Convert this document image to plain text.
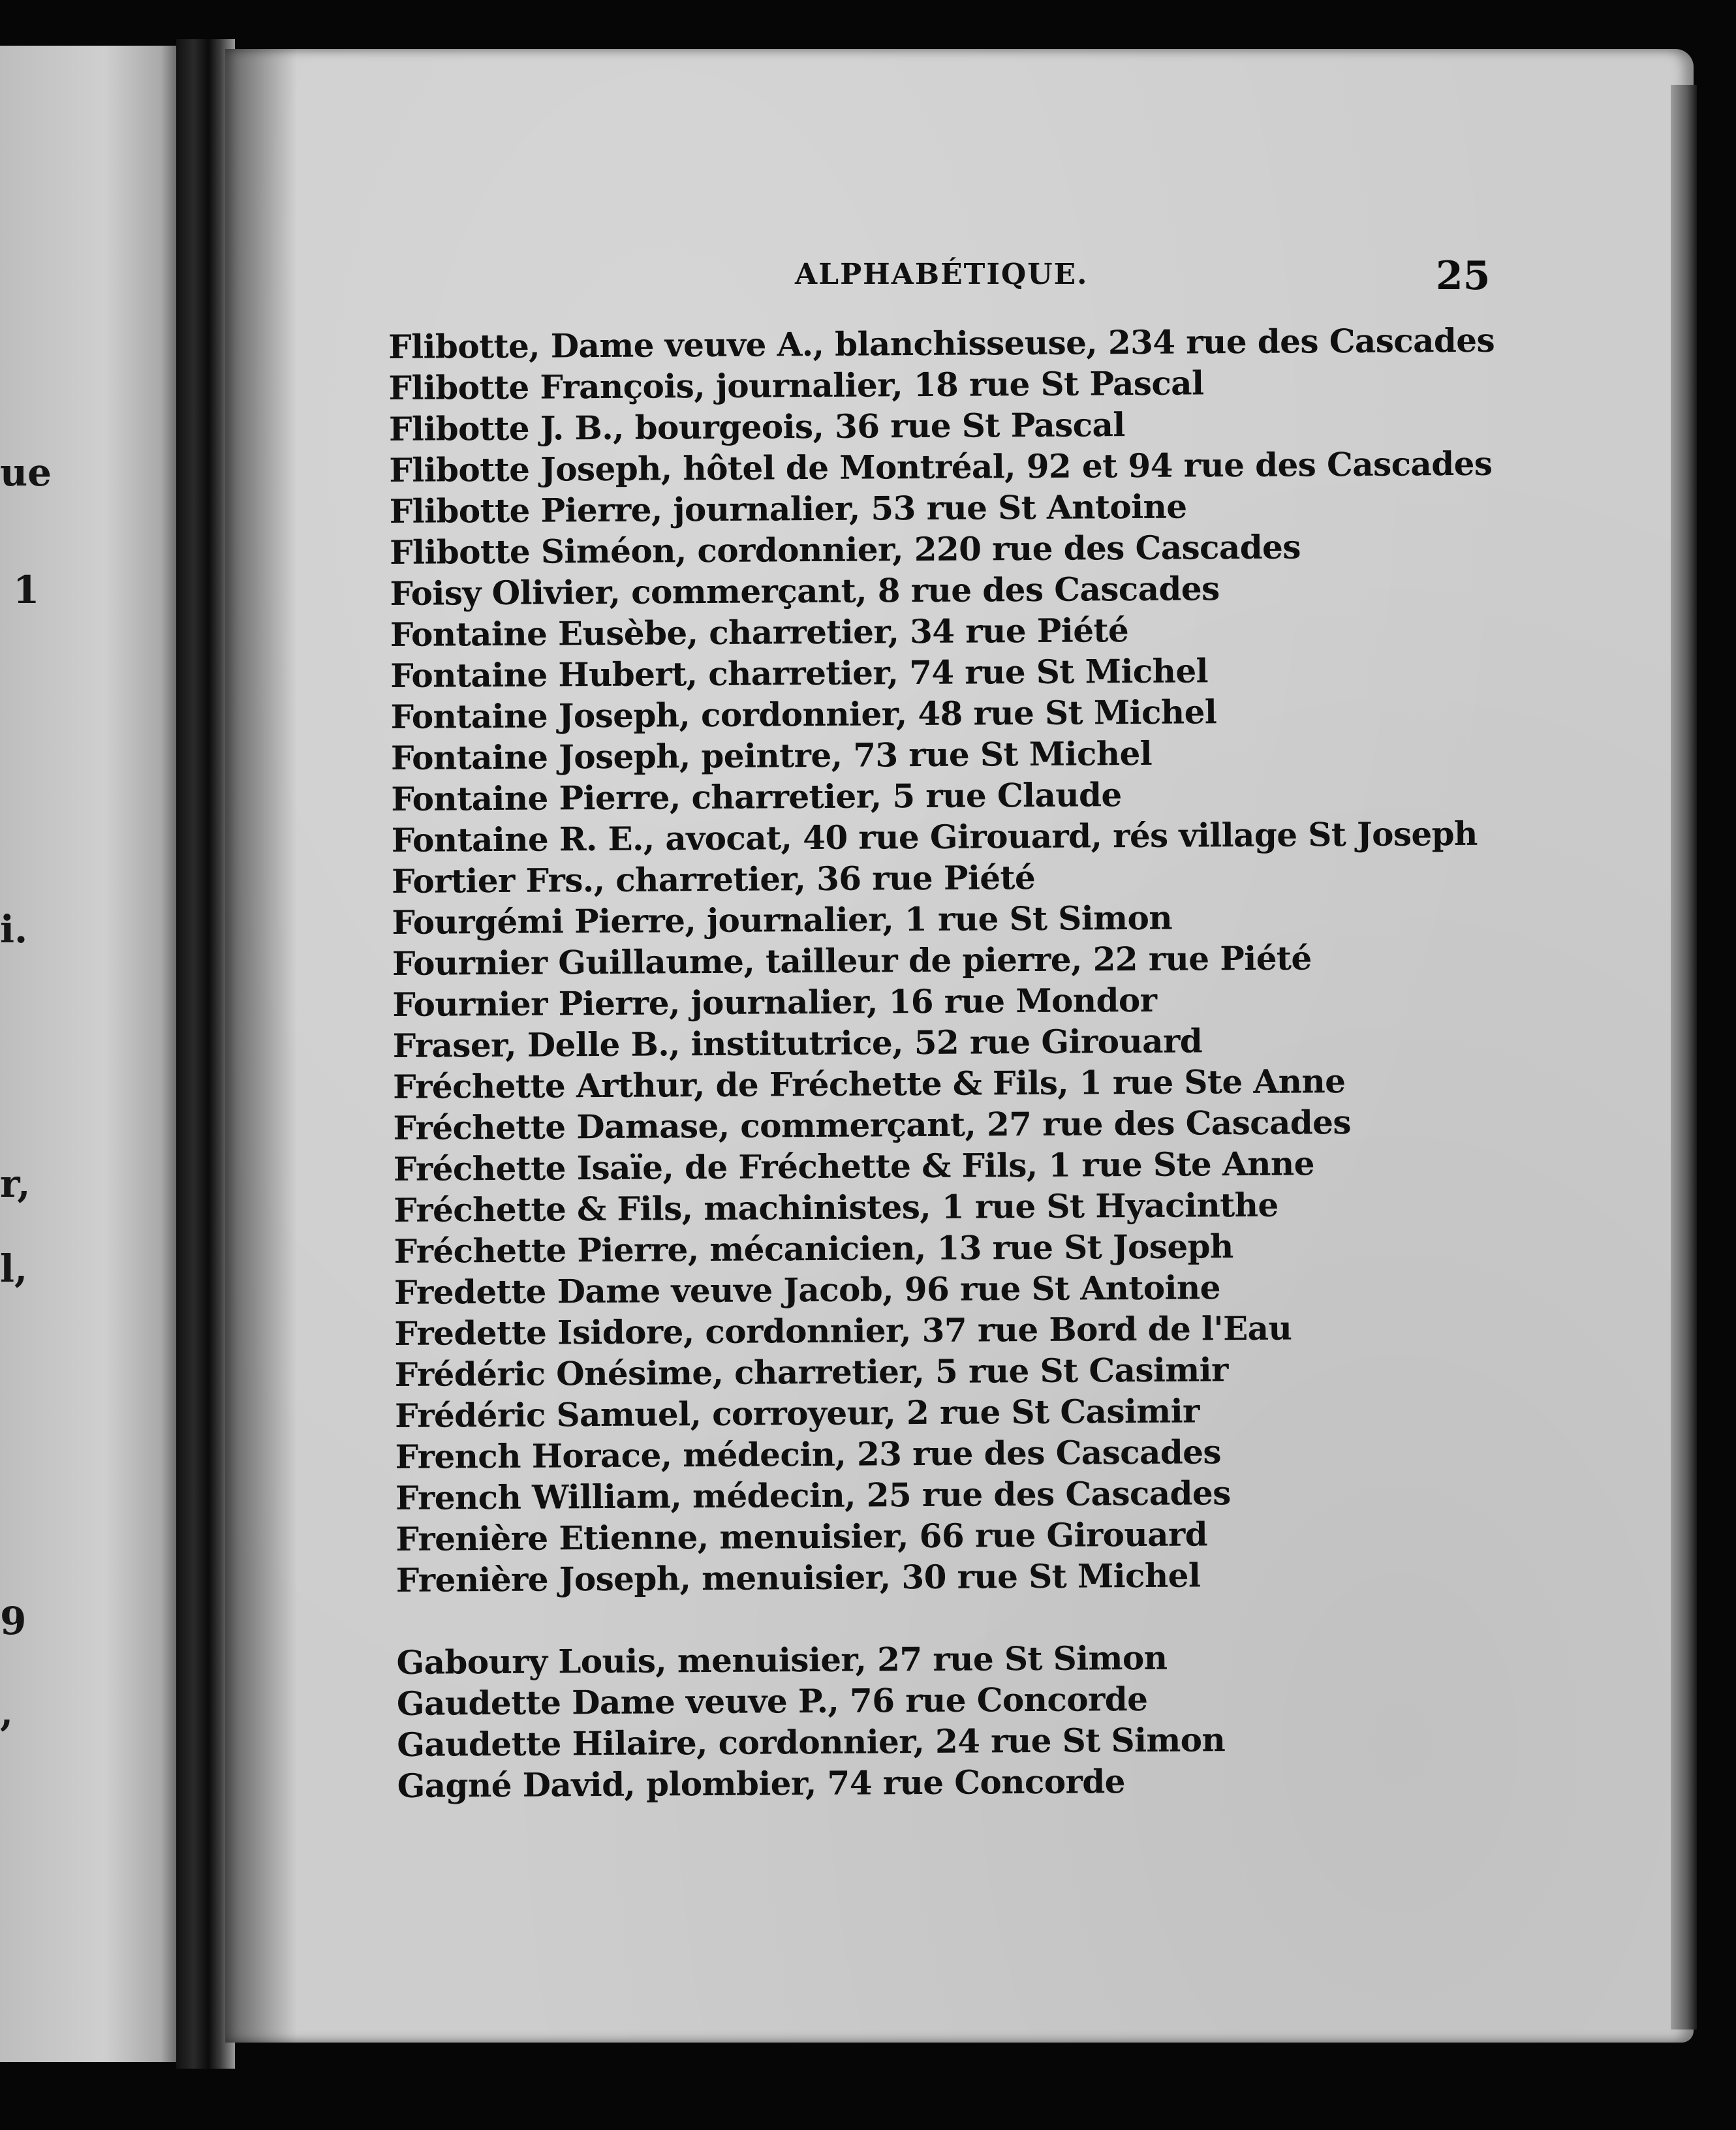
ue
1
i.
r,
l,
9
,
ALPHABÉTIQUE.	25
Flibotte, Dame veuve A., blanchisseuse, 234 rue des Cascades
Flibotte François, journalier, 18 rue St Pascal
Flibotte J. B., bourgeois, 36 rue St Pascal
Flibotte Joseph, hôtel de Montréal, 92 et 94 rue des Cascades
Flibotte Pierre, journalier, 53 rue St Antoine
Flibotte Siméon, cordonnier, 220 rue des Cascades
Foisy Olivier, commerçant, 8 rue des Cascades
Fontaine Eusèbe, charretier, 34 rue Piété
Fontaine Hubert, charretier, 74 rue St Michel
Fontaine Joseph, cordonnier, 48 rue St Michel
Fontaine Joseph, peintre, 73 rue St Michel
Fontaine Pierre, charretier, 5 rue Claude
Fontaine R. E., avocat, 40 rue Girouard, rés village St Joseph
Fortier Frs., charretier, 36 rue Piété
Fourgémi Pierre, journalier, 1 rue St Simon
Fournier Guillaume, tailleur de pierre, 22 rue Piété
Fournier Pierre, journalier, 16 rue Mondor
Fraser, Delle B., institutrice, 52 rue Girouard
Fréchette Arthur, de Fréchette & Fils, 1 rue Ste Anne
Fréchette Damase, commerçant, 27 rue des Cascades
Fréchette Isaïe, de Fréchette & Fils, 1 rue Ste Anne
Fréchette & Fils, machinistes, 1 rue St Hyacinthe
Fréchette Pierre, mécanicien, 13 rue St Joseph
Fredette Dame veuve Jacob, 96 rue St Antoine
Fredette Isidore, cordonnier, 37 rue Bord de l'Eau
Frédéric Onésime, charretier, 5 rue St Casimir
Frédéric Samuel, corroyeur, 2 rue St Casimir
French Horace, médecin, 23 rue des Cascades
French William, médecin, 25 rue des Cascades
Frenière Etienne, menuisier, 66 rue Girouard
Frenière Joseph, menuisier, 30 rue St Michel
Gaboury Louis, menuisier, 27 rue St Simon
Gaudette Dame veuve P., 76 rue Concorde
Gaudette Hilaire, cordonnier, 24 rue St Simon
Gagné David, plombier, 74 rue Concorde
